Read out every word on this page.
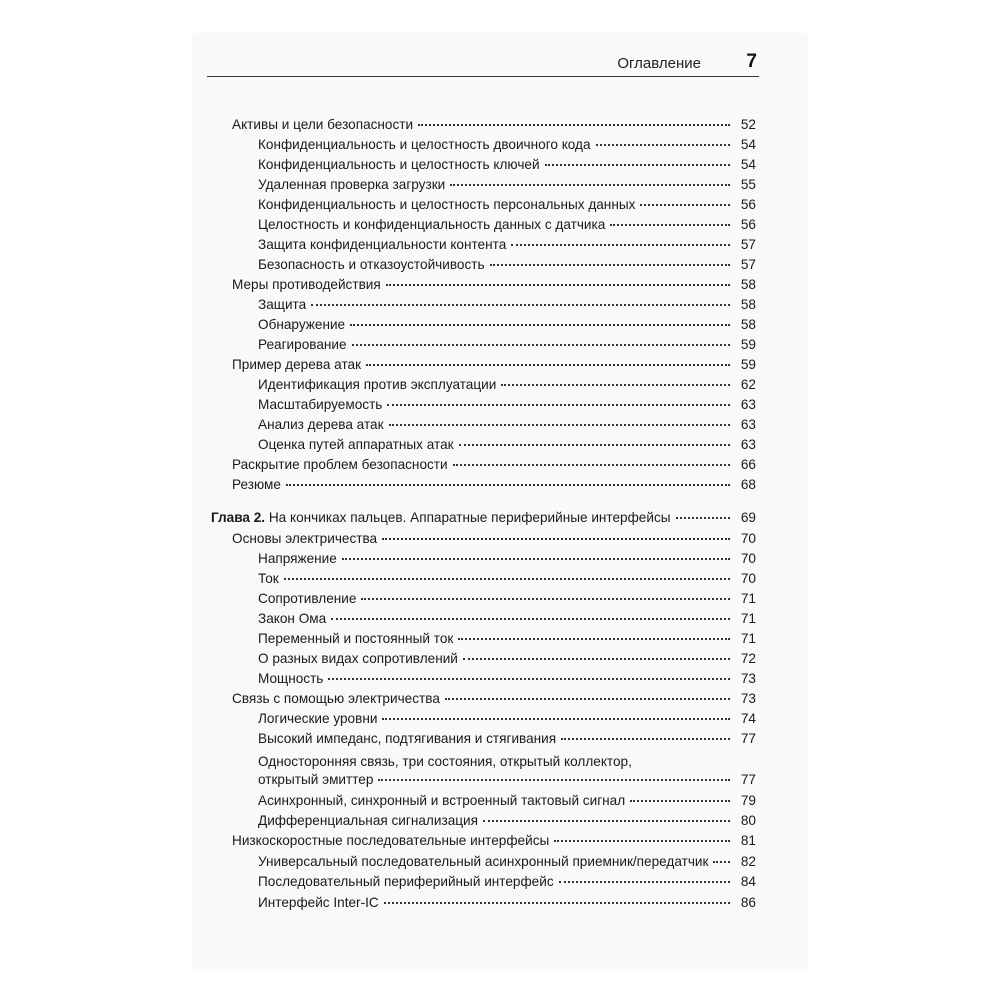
Оглавление 7
Активы и цели безопасности	52
Конфиденциальность и целостность двоичного кода	54
Конфиденциальность и целостность ключей	54
Удаленная проверка загрузки	55
Конфиденциальность и целостность персональных данных	56
Целостность и конфиденциальность данных с датчика	56
Защита конфиденциальности контента	57
Безопасность и отказоустойчивость	57
Меры противодействия	58
Защита	58
Обнаружение	58
Реагирование	59
Пример дерева атак	59
Идентификация против эксплуатации	62
Масштабируемость	63
Анализ дерева атак	63
Оценка путей аппаратных атак	63
Раскрытие проблем безопасности	66
Резюме	68
Глава 2. На кончиках пальцев. Аппаратные периферийные интерфейсы	69
Основы электричества	70
Напряжение	70
Ток	70
Сопротивление	71
Закон Ома	71
Переменный и постоянный ток	71
О разных видах сопротивлений	72
Мощность	73
Связь с помощью электричества	73
Логические уровни	74
Высокий импеданс, подтягивания и стягивания	77
Односторонняя связь, три состояния, открытый коллектор,
открытый эмиттер	77
Асинхронный, синхронный и встроенный тактовый сигнал	79
Дифференциальная сигнализация	80
Низкоскоростные последовательные интерфейсы	81
Универсальный последовательный асинхронный приемник/передатчик	82
Последовательный периферийный интерфейс	84
Интерфейс Inter-IC	86
